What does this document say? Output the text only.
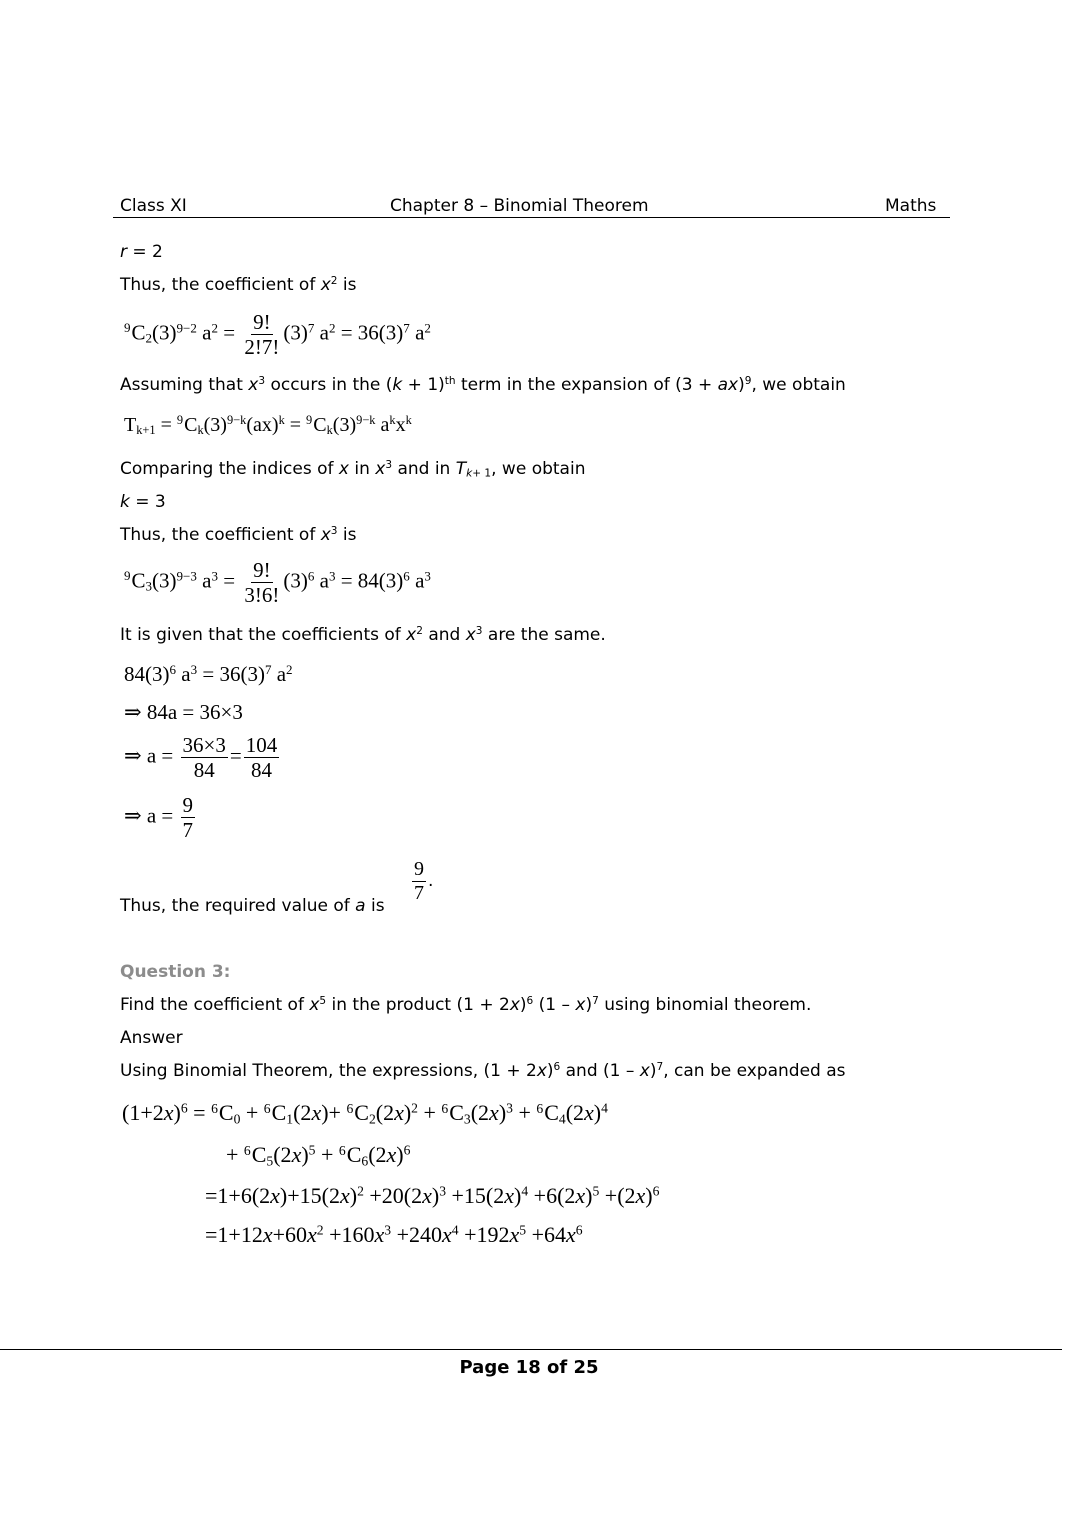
Class XI	Chapter 8 – Binomial Theorem	Maths
r = 2
Thus, the coefficient of $x^2$ is
$^9C_2(3)^{9-2}$ $a^2 = \frac{9!}{2!7!} (3)^7$ $a^2 = 36(3)^7$ $a^2$
Assuming that $x^3$ occurs in the $(k + 1)^{th}$ term in the expansion of (3 + ax)$^9$, we obtain
$T_{k+1} = ^9C_k(3)^{9-k}(ax)^k = ^9C_k(3)^{9-k}$ $a^kx^k$
Comparing the indices of x in $x^3$ and in $T_{k+ 1}$, we obtain
k = 3
Thus, the coefficient of $x^3$ is
$^9C_3(3)^{9-3}$ $a^3 = \frac{9!}{3!6!} (3)^6$ $a^3 = 84(3)^6$ $a^3$
It is given that the coefficients of $x^2$ and $x^3$ are the same.
$84(3)^6$ $a^3 = 36(3)^7$ $a^2$
⇒ 84a = 36×3
⇒ $a = \frac{36\times 3}{84} = \frac{104}{84}$
⇒ $a = \frac{9}{7}$
Thus, the required value of a is
$\frac{9}{7}$ .
Question 3:
Find the coefficient of $x^5$ in the product $(1 + 2x)^6$ (1 – x)$^7$ using binomial theorem.
Answer
Using Binomial Theorem, the expressions, $(1 + 2x)^6$ and (1 – x)$^7$, can be expanded as
$(1+2x)^6 = ^6C_0 + ^6C_1(2x)+ ^6C_2(2x)^2 + ^6C_3(2x)^3 + ^6C_4(2x)^4$
+ $^6C_5(2x)^5 + ^6C_6(2x)^6$
$=1+6(2x)+15(2x)^2 +20(2x)^3 +15(2x)^4 +6(2x)^5 +(2x)^6$
$=1+12x+60x^2 +160x^3 +240x^4 +192x^5 +64x^6$
Page 18 of 25
